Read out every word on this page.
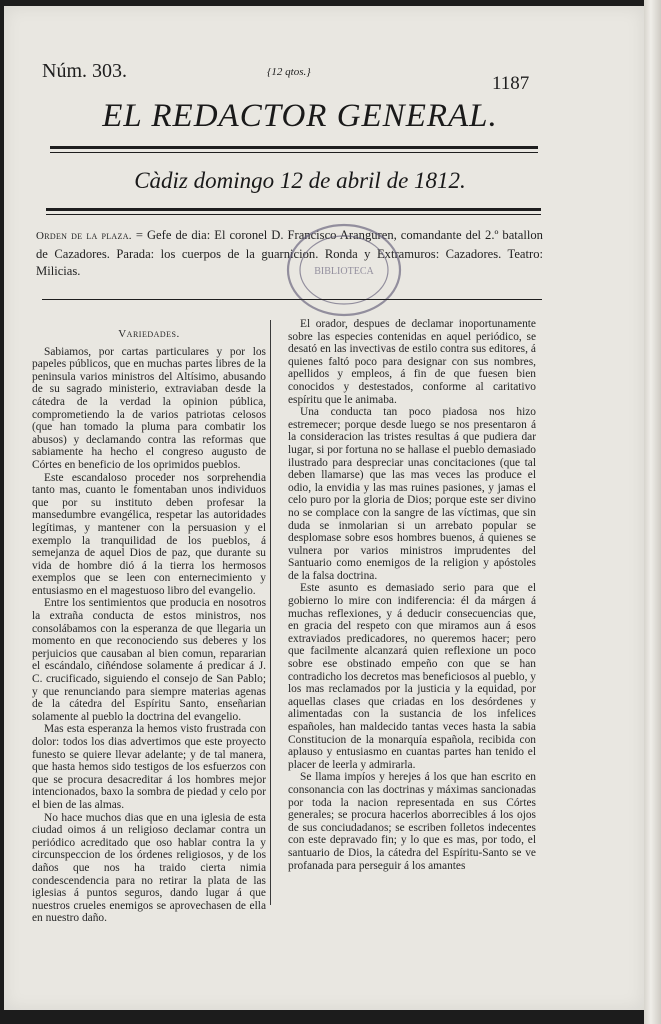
Núm. 303.	{12 qtos.}
1187
EL REDACTOR GENERAL.
Càdiz domingo 12 de abril de 1812.
Orden de la plaza. = Gefe de dia: El coronel D. Francisco Aranguren, comandante del 2.º batallon de Cazadores. Parada: los cuerpos de la guarnicion. Ronda y Extramuros: Cazadores. Teatro: Milicias.	BIBLIOTECA
Variedades.

Sabiamos, por cartas particulares y por los papeles públicos, que en muchas partes libres de la peninsula varios ministros del Altísimo, abusando de su sagrado ministerio, extraviaban desde la cátedra de la verdad la opinion pública, comprometiendo la de varios patriotas celosos (que han tomado la pluma para combatir los abusos) y declamando contra las reformas que sabiamente ha hecho el congreso augusto de Córtes en beneficio de los oprimidos pueblos.

Este escandaloso proceder nos sorprehendia tanto mas, cuanto le fomentaban unos individuos que por su instituto deben profesar la mansedumbre evangélica, respetar las autoridades legítimas, y mantener con la persuasion y el exemplo la tranquilidad de los pueblos, á semejanza de aquel Dios de paz, que durante su vida de hombre dió á la tierra los hermosos exemplos que se leen con enternecimiento y entusiasmo en el magestuoso libro del evangelio.

Entre los sentimientos que producia en nosotros la extraña conducta de estos ministros, nos consolábamos con la esperanza de que llegaria un momento en que reconociendo sus deberes y los perjuicios que causaban al bien comun, repararian el escándalo, ciñéndose solamente á predicar á J. C. crucificado, siguiendo el consejo de San Pablo; y que renunciando para siempre materias agenas de la cátedra del Espíritu Santo, enseñarian solamente al pueblo la doctrina del evangelio.

Mas esta esperanza la hemos visto frustrada con dolor: todos los dias advertimos que este proyecto funesto se quiere llevar adelante; y de tal manera, que hasta hemos sido testigos de los esfuerzos con que se procura desacreditar á los hombres mejor intencionados, baxo la sombra de piedad y celo por el bien de las almas.

No hace muchos dias que en una iglesia de esta ciudad oimos á un religioso declamar contra un periódico acreditado que oso hablar contra la y circunspeccion de los órdenes religiosos, y de los daños que nos ha traido cierta nimia condescendencia para no retirar la plata de las iglesias á puntos seguros, dando lugar á que nuestros crueles enemigos se aprovechasen de ella en nuestro daño.

El orador, despues de declamar inoportunamente sobre las especies contenidas en aquel periódico, se desató en las invectivas de estilo contra sus editores, á quienes faltó poco para designar con sus nombres, apellidos y empleos, á fin de que fuesen bien conocidos y destestados, conforme al caritativo espíritu que le animaba.

Una conducta tan poco piadosa nos hizo estremecer; porque desde luego se nos presentaron á la consideracion las tristes resultas á que pudiera dar lugar, si por fortuna no se hallase el pueblo demasiado ilustrado para despreciar unas concitaciones (que tal deben llamarse) que las mas veces las produce el odio, la envidia y las mas ruines pasiones, y jamas el celo puro por la gloria de Dios; porque este ser divino no se complace con la sangre de las víctimas, que sin duda se inmolarian si un arrebato popular se desplomase sobre esos hombres buenos, á quienes se vulnera por varios ministros imprudentes del Santuario como enemigos de la religion y apóstoles de la falsa doctrina.

Este asunto es demasiado serio para que el gobierno lo mire con indiferencia: él da márgen á muchas reflexiones, y á deducir consecuencias que, en gracia del respeto con que miramos aun á esos extraviados predicadores, no queremos hacer; pero que facilmente alcanzará quien reflexione un poco sobre ese obstinado empeño con que se han contradicho los decretos mas beneficiosos al pueblo, y los mas reclamados por la justicia y la equidad, por aquellas clases que criadas en los desórdenes y alimentadas con la sustancia de los infelices españoles, han maldecido tantas veces hasta la sabia Constitucion de la monarquía española, recibida con aplauso y entusiasmo en cuantas partes han tenido el placer de leerla y admirarla.

Se llama impíos y herejes á los que han escrito en consonancia con las doctrinas y máximas sancionadas por toda la nacion representada en sus Córtes generales; se procura hacerlos aborrecibles á los ojos de sus conciudadanos; se escriben folletos indecentes con este depravado fin; y lo que es mas, por todo, el santuario de Dios, la cátedra del Espíritu-Santo se ve profanada para perseguir á los amantes
